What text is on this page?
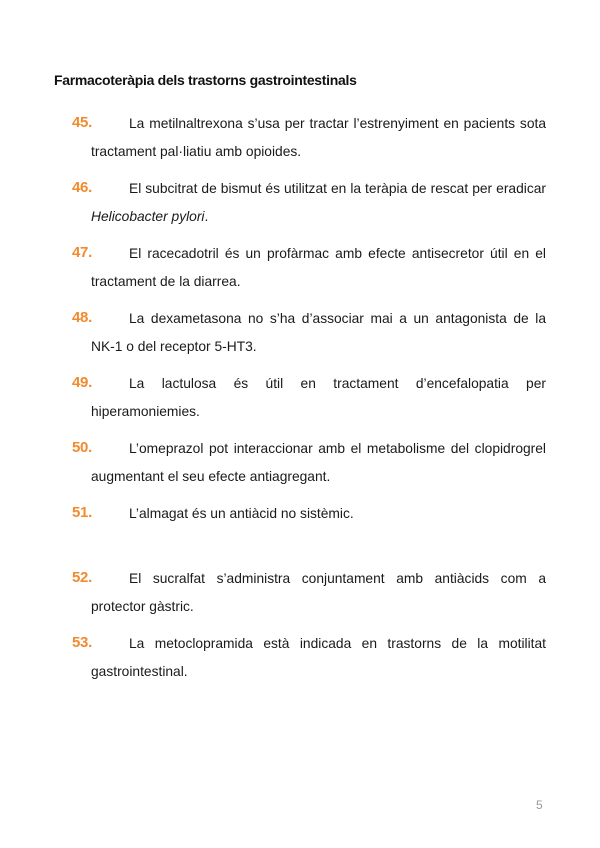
Farmacoteràpia dels trastorns gastrointestinals
45.	La metilnaltrexona s’usa per tractar l’estrenyiment en pacients sota tractament pal·liatiu amb opioides.
46.	El subcitrat de bismut és utilitzat en la teràpia de rescat per eradicar Helicobacter pylori.
47.	El racecadotril és un profàrmac amb efecte antisecretor útil en el tractament de la diarrea.
48.	La dexametasona no s’ha d’associar mai a un antagonista de la NK-1 o del receptor 5-HT3.
49.	La lactulosa és útil en tractament d’encefalopatia per hiperamoniemies.
50.	L’omeprazol pot interaccionar amb el metabolisme del clopidrogrel augmentant el seu efecte antiagregant.
51.	L’almagat és un antiàcid no sistèmic.
52.	El sucralfat s’administra conjuntament amb antiàcids com a protector gàstric.
53.	La metoclopramida està indicada en trastorns de la motilitat gastrointestinal.
5
